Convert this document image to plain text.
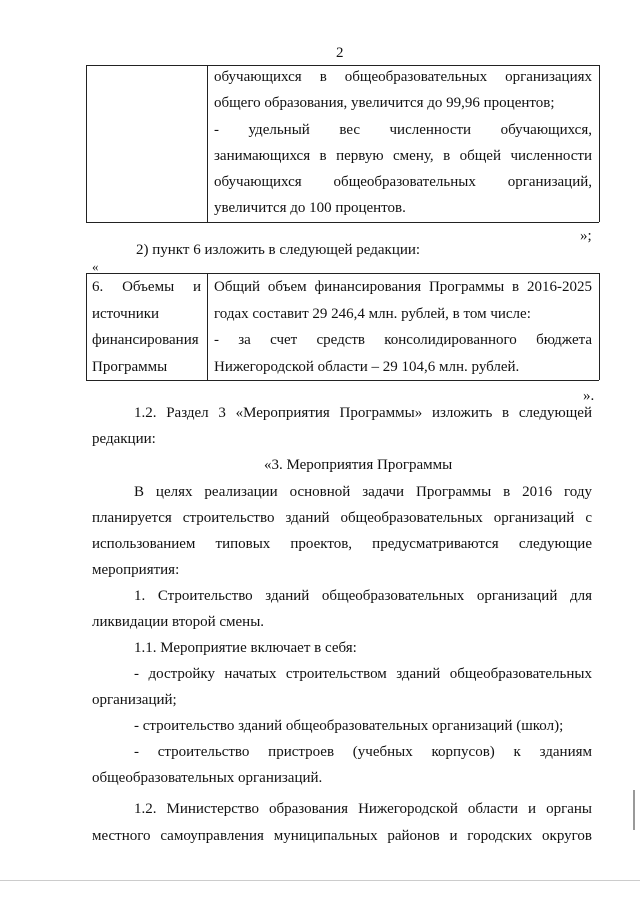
2
обучающихся в общеобразовательных организациях
общего образования, увеличится до 99,96 процентов;
- удельный вес численности обучающихся,
занимающихся в первую смену, в общей численности
обучающихся общеобразовательных организаций,
увеличится до 100 процентов.
»;
2) пункт 6 изложить в следующей редакции:
«
6. Объемы и
источники
финансирования
Программы
Общий объем финансирования Программы в 2016-2025
годах составит 29 246,4 млн. рублей, в том числе:
- за счет средств консолидированного бюджета
Нижегородской области – 29 104,6 млн. рублей.
».
1.2. Раздел 3 «Мероприятия Программы» изложить в следующей
редакции:
«3. Мероприятия Программы
В целях реализации основной задачи Программы в 2016 году
планируется строительство зданий общеобразовательных организаций с
использованием типовых проектов, предусматриваются следующие
мероприятия:
1. Строительство зданий общеобразовательных организаций для
ликвидации второй смены.
1.1. Мероприятие включает в себя:
- достройку начатых строительством зданий общеобразовательных
организаций;
- строительство зданий общеобразовательных организаций (школ);
- строительство пристроев (учебных корпусов) к зданиям
общеобразовательных организаций.
1.2. Министерство образования Нижегородской области и органы
местного самоуправления муниципальных районов и городских округов
